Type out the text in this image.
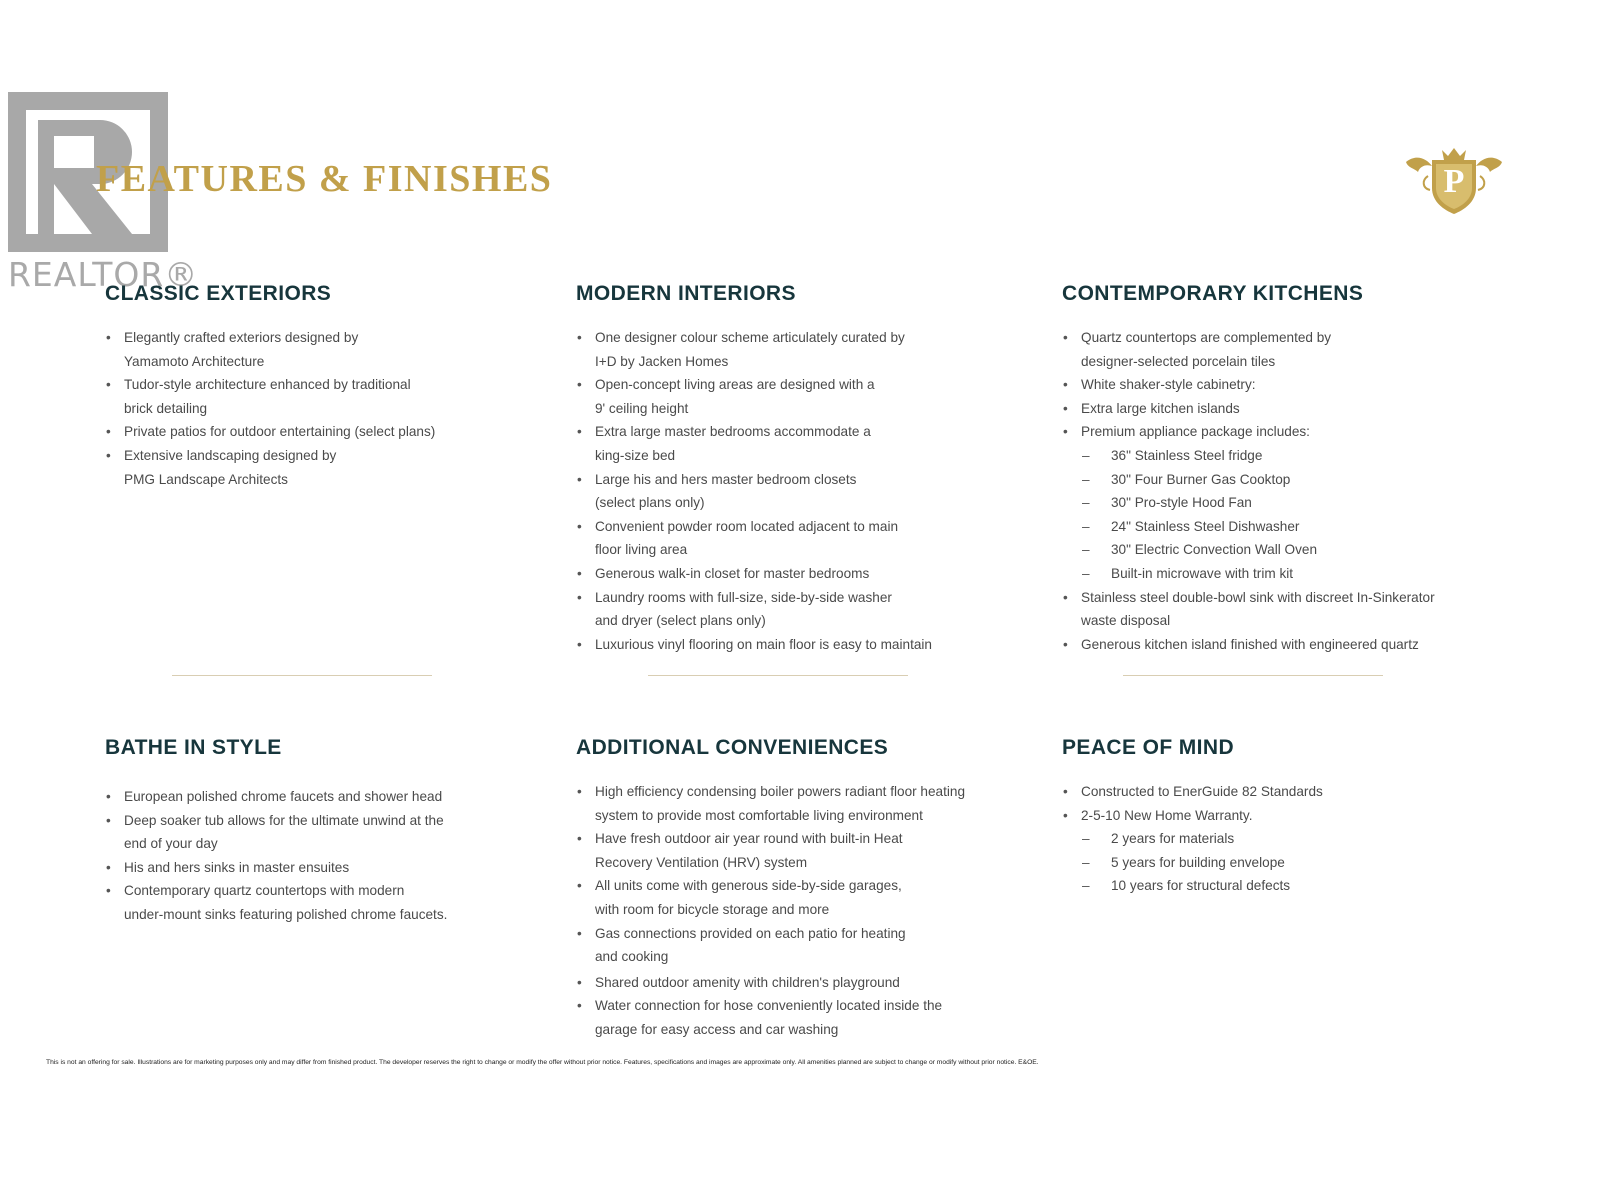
REALTOR®
FEATURES & FINISHES	P
CLASSIC EXTERIORS
• Elegantly crafted exteriors designed by
Yamamoto Architecture
• Tudor-style architecture enhanced by traditional
brick detailing
• Private patios for outdoor entertaining (select plans)
• Extensive landscaping designed by
PMG Landscape Architects
MODERN INTERIORS
• One designer colour scheme articulately curated by
I+D by Jacken Homes
• Open-concept living areas are designed with a
9' ceiling height
• Extra large master bedrooms accommodate a
king-size bed
• Large his and hers master bedroom closets
(select plans only)
• Convenient powder room located adjacent to main
floor living area
• Generous walk-in closet for master bedrooms
• Laundry rooms with full-size, side-by-side washer
and dryer (select plans only)
• Luxurious vinyl flooring on main floor is easy to maintain
CONTEMPORARY KITCHENS
• Quartz countertops are complemented by
designer-selected porcelain tiles
• White shaker-style cabinetry:
• Extra large kitchen islands
• Premium appliance package includes:
– 36" Stainless Steel fridge
– 30" Four Burner Gas Cooktop
– 30" Pro-style Hood Fan
– 24" Stainless Steel Dishwasher
– 30" Electric Convection Wall Oven
– Built-in microwave with trim kit
• Stainless steel double-bowl sink with discreet In-Sinkerator
waste disposal
• Generous kitchen island finished with engineered quartz
BATHE IN STYLE
• European polished chrome faucets and shower head
• Deep soaker tub allows for the ultimate unwind at the
end of your day
• His and hers sinks in master ensuites
• Contemporary quartz countertops with modern
under-mount sinks featuring polished chrome faucets.
ADDITIONAL CONVENIENCES
• High efficiency condensing boiler powers radiant floor heating
system to provide most comfortable living environment
• Have fresh outdoor air year round with built-in Heat
Recovery Ventilation (HRV) system
• All units come with generous side-by-side garages,
with room for bicycle storage and more
• Gas connections provided on each patio for heating
and cooking
• Shared outdoor amenity with children's playground
• Water connection for hose conveniently located inside the
garage for easy access and car washing
PEACE OF MIND
• Constructed to EnerGuide 82 Standards
• 2-5-10 New Home Warranty.
– 2 years for materials
– 5 years for building envelope
– 10 years for structural defects
This is not an offering for sale. Illustrations are for marketing purposes only and may differ from finished product. The developer reserves the right to change or modify the offer without prior notice. Features, specifications and images are approximate only. All amenities planned are subject to change or modify without prior notice. E&OE.
